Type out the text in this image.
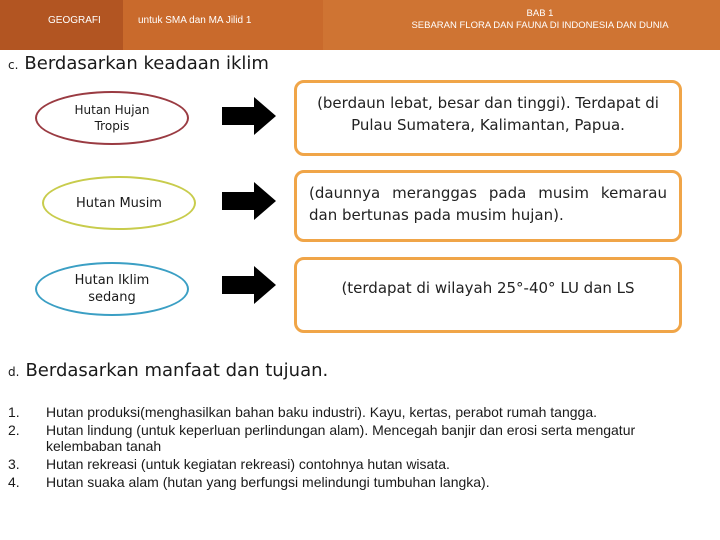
GEOGRAFI	untuk SMA dan MA Jilid 1
BAB 1
SEBARAN FLORA DAN FAUNA DI INDONESIA DAN DUNIA
c. Berdasarkan keadaan iklim
Hutan Hujan Tropis
(berdaun lebat, besar dan tinggi). Terdapat di Pulau Sumatera, Kalimantan, Papua.
Hutan Musim
(daunnya meranggas pada musim kemarau dan bertunas pada musim hujan).
Hutan Iklim sedang
(terdapat di wilayah 25°-40° LU dan LS
d. Berdasarkan manfaat dan tujuan.
1. Hutan produksi(menghasilkan bahan baku industri). Kayu, kertas, perabot rumah tangga.
2. Hutan lindung (untuk keperluan perlindungan alam). Mencegah banjir dan erosi serta mengatur kelembaban tanah
3. Hutan rekreasi (untuk kegiatan rekreasi) contohnya hutan wisata.
4. Hutan suaka alam (hutan yang berfungsi melindungi tumbuhan langka).
